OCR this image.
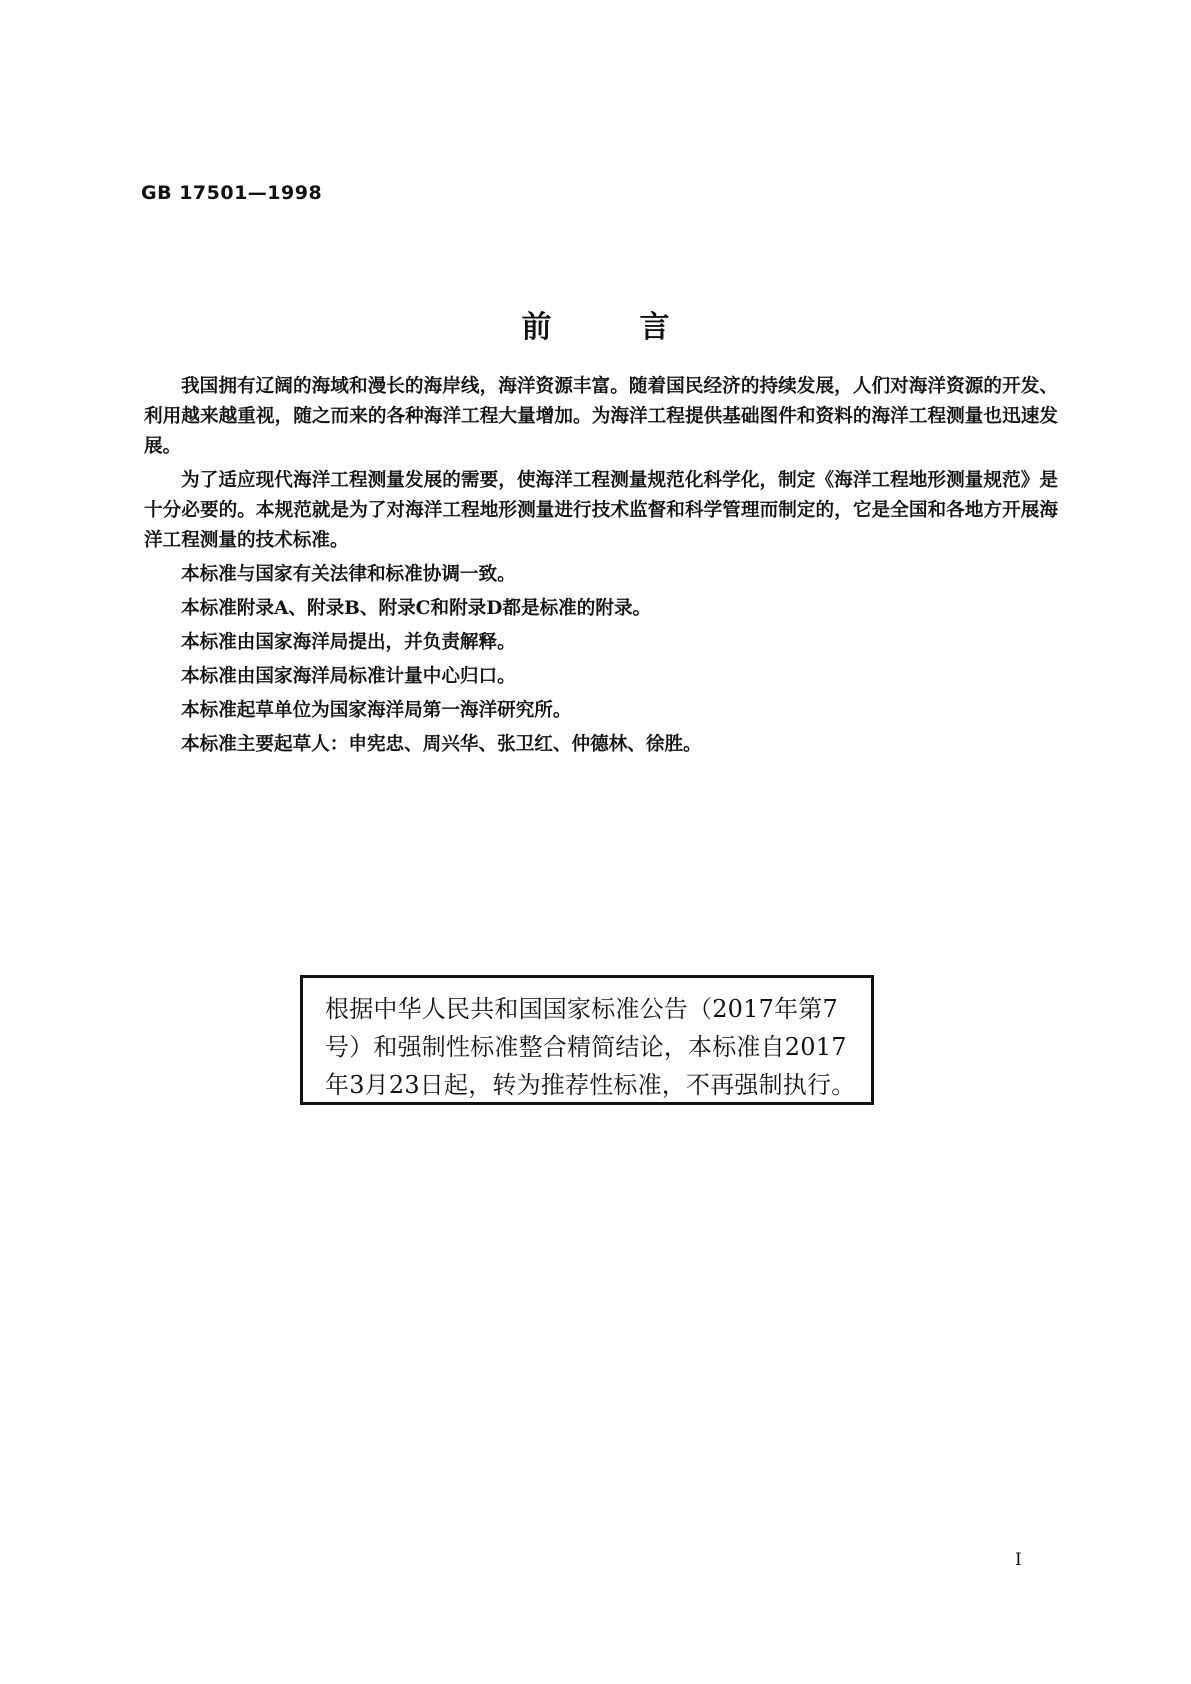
GB 17501—1998
前言

我国拥有辽阔的海域和漫长的海岸线，海洋资源丰富。随着国民经济的持续发展，人们对海洋资源的开发、利用越来越重视，随之而来的各种海洋工程大量增加。为海洋工程提供基础图件和资料的海洋工程测量也迅速发展。

为了适应现代海洋工程测量发展的需要，使海洋工程测量规范化科学化，制定《海洋工程地形测量规范》是十分必要的。本规范就是为了对海洋工程地形测量进行技术监督和科学管理而制定的，它是全国和各地方开展海洋工程测量的技术标准。

本标准与国家有关法律和标准协调一致。

本标准附录A、附录B、附录C和附录D都是标准的附录。

本标准由国家海洋局提出，并负责解释。

本标准由国家海洋局标准计量中心归口。

本标准起草单位为国家海洋局第一海洋研究所。

本标准主要起草人：申宪忠、周兴华、张卫红、仲德林、徐胜。

根据中华人民共和国国家标准公告（2017年第7号）和强制性标准整合精简结论，本标准自2017年3月23日起，转为推荐性标准，不再强制执行。
I
